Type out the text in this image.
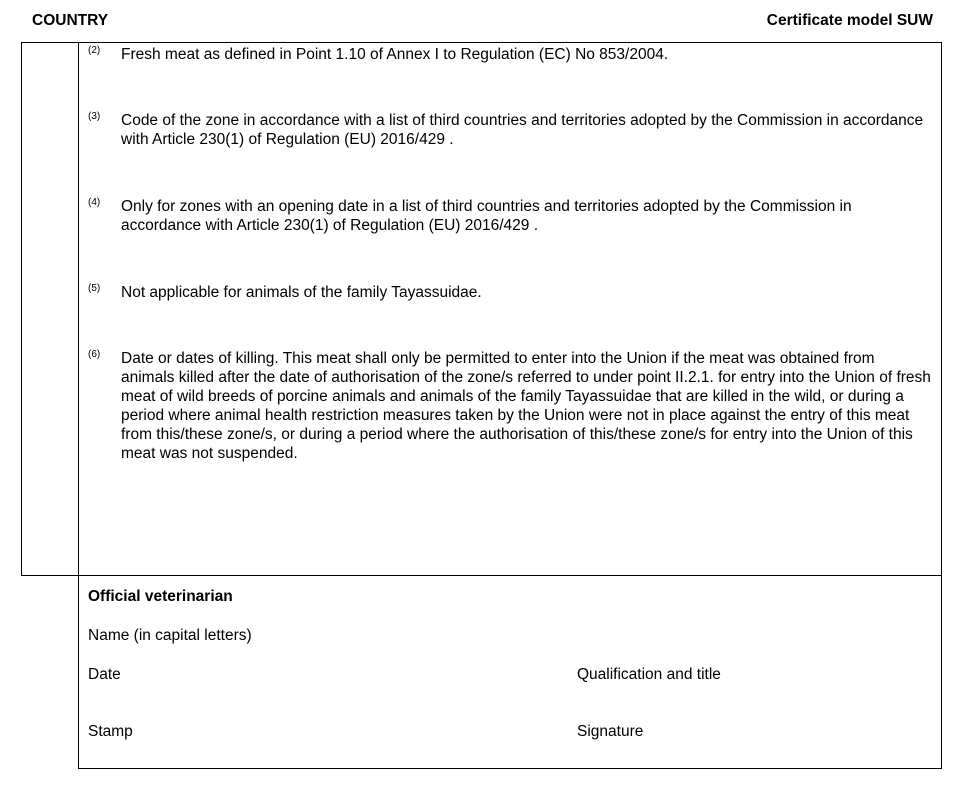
COUNTRY	Certificate model SUW
(2) Fresh meat as defined in Point 1.10 of Annex I to Regulation (EC) No 853/2004.
(3) Code of the zone in accordance with a list of third countries and territories adopted by the Commission in accordance with Article 230(1) of Regulation (EU) 2016/429 .
(4) Only for zones with an opening date in a list of third countries and territories adopted by the Commission in accordance with Article 230(1) of Regulation (EU) 2016/429 .
(5) Not applicable for animals of the family Tayassuidae.
(6) Date or dates of killing. This meat shall only be permitted to enter into the Union if the meat was obtained from animals killed after the date of authorisation of the zone/s referred to under point II.2.1. for entry into the Union of fresh meat of wild breeds of porcine animals and animals of the family Tayassuidae that are killed in the wild, or during a period where animal health restriction measures taken by the Union were not in place against the entry of this meat from this/these zone/s, or during a period where the authorisation of this/these zone/s for entry into the Union of this meat was not suspended.
Official veterinarian
Name (in capital letters)
Date	Qualification and title
Stamp	Signature
